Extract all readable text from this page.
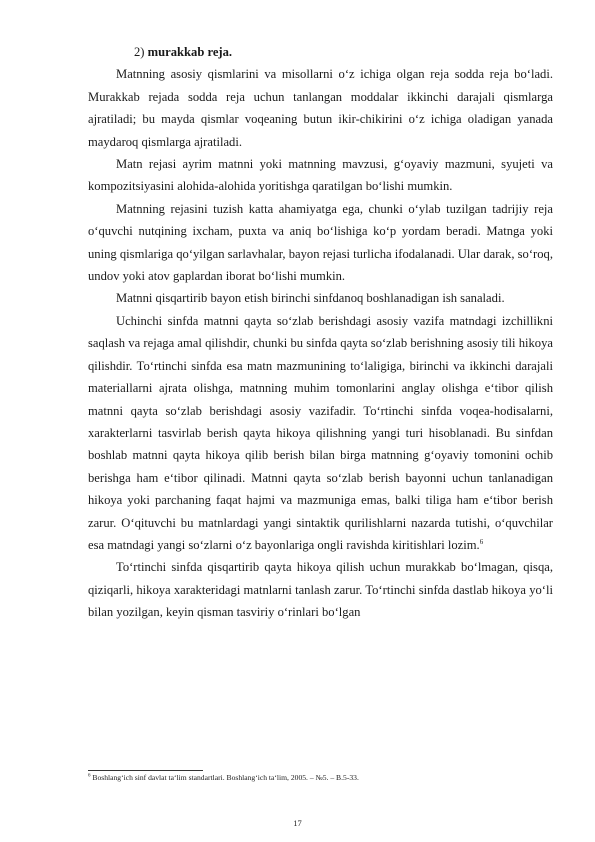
2) murakkab reja.

Matnning asosiy qismlarini va misollarni o‘z ichiga olgan reja sodda reja bo‘ladi. Murakkab rejada sodda reja uchun tanlangan moddalar ikkinchi darajali qismlarga ajratiladi; bu mayda qismlar voqeaning butun ikir-chikirini o‘z ichiga oladigan yanada maydaroq qismlarga ajratiladi.

Matn rejasi ayrim matnni yoki matnning mavzusi, g‘oyaviy mazmuni, syujeti va kompozitsiyasini alohida-alohida yoritishga qaratilgan bo‘lishi mumkin.

Matnning rejasini tuzish katta ahamiyatga ega, chunki o‘ylab tuzilgan tadrijiy reja o‘quvchi nutqining ixcham, puxta va aniq bo‘lishiga ko‘p yordam beradi. Matnga yoki uning qismlariga qo‘yilgan sarlavhalar, bayon rejasi turlicha ifodalanadi. Ular darak, so‘roq, undov yoki atov gaplardan iborat bo‘lishi mumkin.

Matnni qisqartirib bayon etish birinchi sinfdanoq boshlanadigan ish sanaladi.

Uchinchi sinfda matnni qayta so‘zlab berishdagi asosiy vazifa matndagi izchillikni saqlash va rejaga amal qilishdir, chunki bu sinfda qayta so‘zlab berishning asosiy tili hikoya qilishdir. To‘rtinchi sinfda esa matn mazmunining to‘laligiga, birinchi va ikkinchi darajali materiallarni ajrata olishga, matnning muhim tomonlarini anglay olishga e‘tibor qilish matnni qayta so‘zlab berishdagi asosiy vazifadir. To‘rtinchi sinfda voqea-hodisalarni, xarakterlarni tasvirlab berish qayta hikoya qilishning yangi turi hisoblanadi. Bu sinfdan boshlab matnni qayta hikoya qilib berish bilan birga matnning g‘oyaviy tomonini ochib berishga ham e‘tibor qilinadi. Matnni qayta so‘zlab berish bayonni uchun tanlanadigan hikoya yoki parchaning faqat hajmi va mazmuniga emas, balki tiliga ham e‘tibor berish zarur. O‘qituvchi bu matnlardagi yangi sintaktik qurilishlarni nazarda tutishi, o‘quvchilar esa matndagi yangi so‘zlarni o‘z bayonlariga ongli ravishda kiritishlari lozim.$^6$

To‘rtinchi sinfda qisqartirib qayta hikoya qilish uchun murakkab bo‘lmagan, qisqa, qiziqarli, hikoya xarakteridagi matnlarni tanlash zarur. To‘rtinchi sinfda dastlab hikoya yo‘li bilan yozilgan, keyin qisman tasviriy o‘rinlari bo‘lgan

$^6$ Boshlang‘ich sinf davlat ta‘lim standartlari. Boshlang‘ich ta‘lim, 2005. – №5. – B.5-33.
17
